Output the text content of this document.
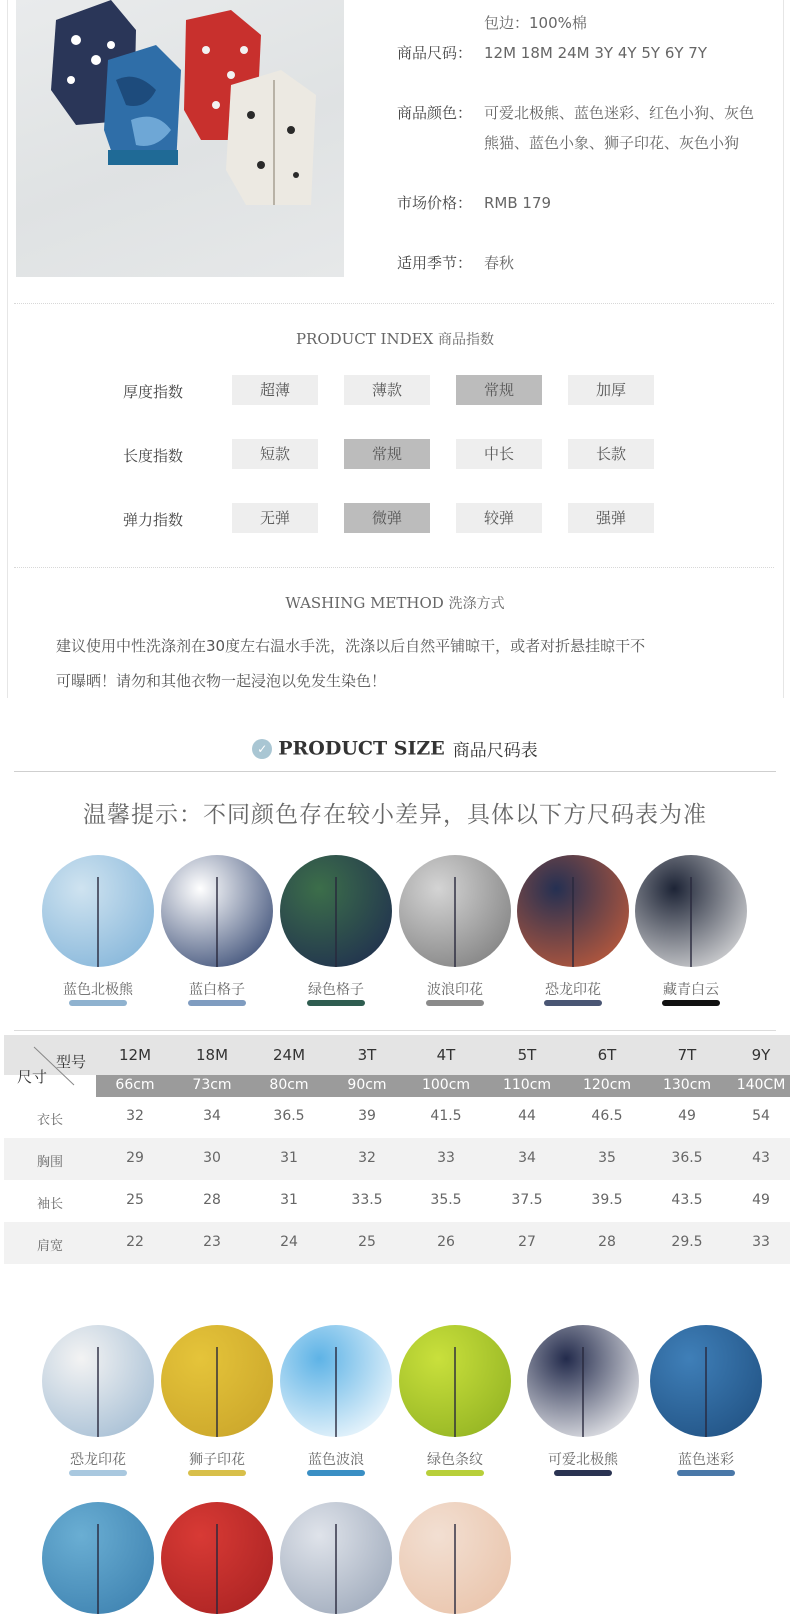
包边：100%棉
商品尺码： 12M 18M 24M 3Y 4Y 5Y 6Y 7Y
商品颜色： 可爱北极熊、蓝色迷彩、红色小狗、灰色熊猫、蓝色小象、狮子印花、灰色小狗
市场价格： RMB 179
适用季节： 春秋
PRODUCT INDEX 商品指数
厚度指数	超薄	薄款	常规	加厚
长度指数	短款	常规	中长	长款
弹力指数	无弹	微弹	较弹	强弹
WASHING METHOD 洗涤方式
建议使用中性洗涤剂在30度左右温水手洗，洗涤以后自然平铺晾干，或者对折悬挂晾干不
可曝晒！请勿和其他衣物一起浸泡以免发生染色！
✓ PRODUCT SIZE 商品尺码表
温馨提示：不同颜色存在较小差异，具体以下方尺码表为准
蓝色北极熊	蓝白格子	绿色格子	波浪印花	恐龙印花	藏青白云
型号
尺寸
12M	18M	24M	3T	4T	5T	6T	7T	9Y
66cm	73cm	80cm	90cm	100cm	110cm	120cm	130cm	140CM
衣长	32	34	36.5	39	41.5	44	46.5	49	54
胸围	29	30	31	32	33	34	35	36.5	43
袖长	25	28	31	33.5	35.5	37.5	39.5	43.5	49
肩宽	22	23	24	25	26	27	28	29.5	33
恐龙印花	狮子印花	蓝色波浪	绿色条纹	可爱北极熊	蓝色迷彩
